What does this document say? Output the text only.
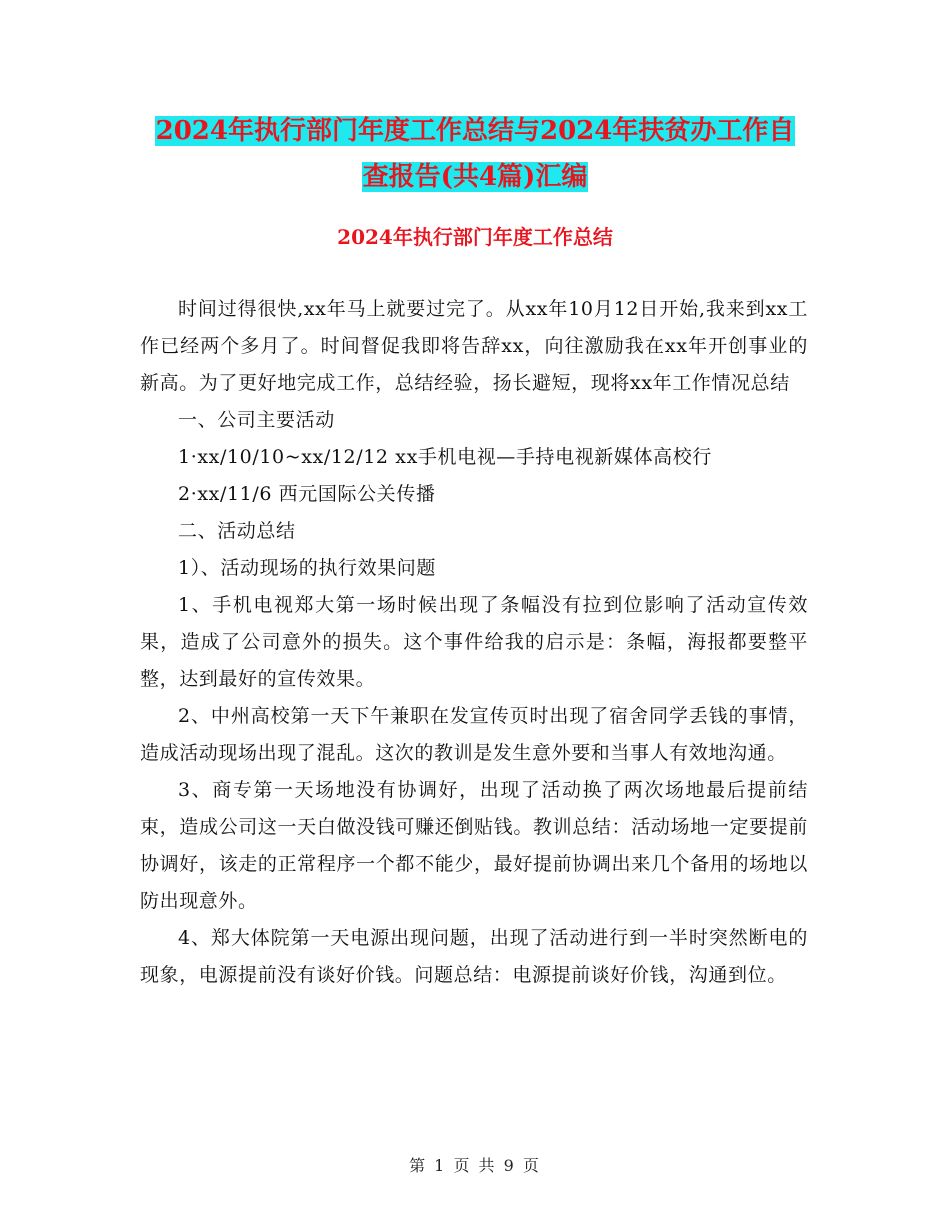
2024年执行部门年度工作总结与2024年扶贫办工作自
查报告(共4篇)汇编
2024年执行部门年度工作总结

时间过得很快,xx年马上就要过完了。从xx年10月12日开始,我来到xx工作已经两个多月了。时间督促我即将告辞xx，向往激励我在xx年开创事业的新高。为了更好地完成工作，总结经验，扬长避短，现将xx年工作情况总结

一、公司主要活动

1·xx/10/10~xx/12/12 xx手机电视—手持电视新媒体高校行

2·xx/11/6 西元国际公关传播

二、活动总结

1）、活动现场的执行效果问题

1、手机电视郑大第一场时候出现了条幅没有拉到位影响了活动宣传效果，造成了公司意外的损失。这个事件给我的启示是：条幅，海报都要整平整，达到最好的宣传效果。

2、中州高校第一天下午兼职在发宣传页时出现了宿舍同学丢钱的事情，造成活动现场出现了混乱。这次的教训是发生意外要和当事人有效地沟通。

3、商专第一天场地没有协调好，出现了活动换了两次场地最后提前结束，造成公司这一天白做没钱可赚还倒贴钱。教训总结：活动场地一定要提前协调好，该走的正常程序一个都不能少，最好提前协调出来几个备用的场地以防出现意外。

4、郑大体院第一天电源出现问题，出现了活动进行到一半时突然断电的现象，电源提前没有谈好价钱。问题总结：电源提前谈好价钱，沟通到位。

第 1 页 共 9 页
